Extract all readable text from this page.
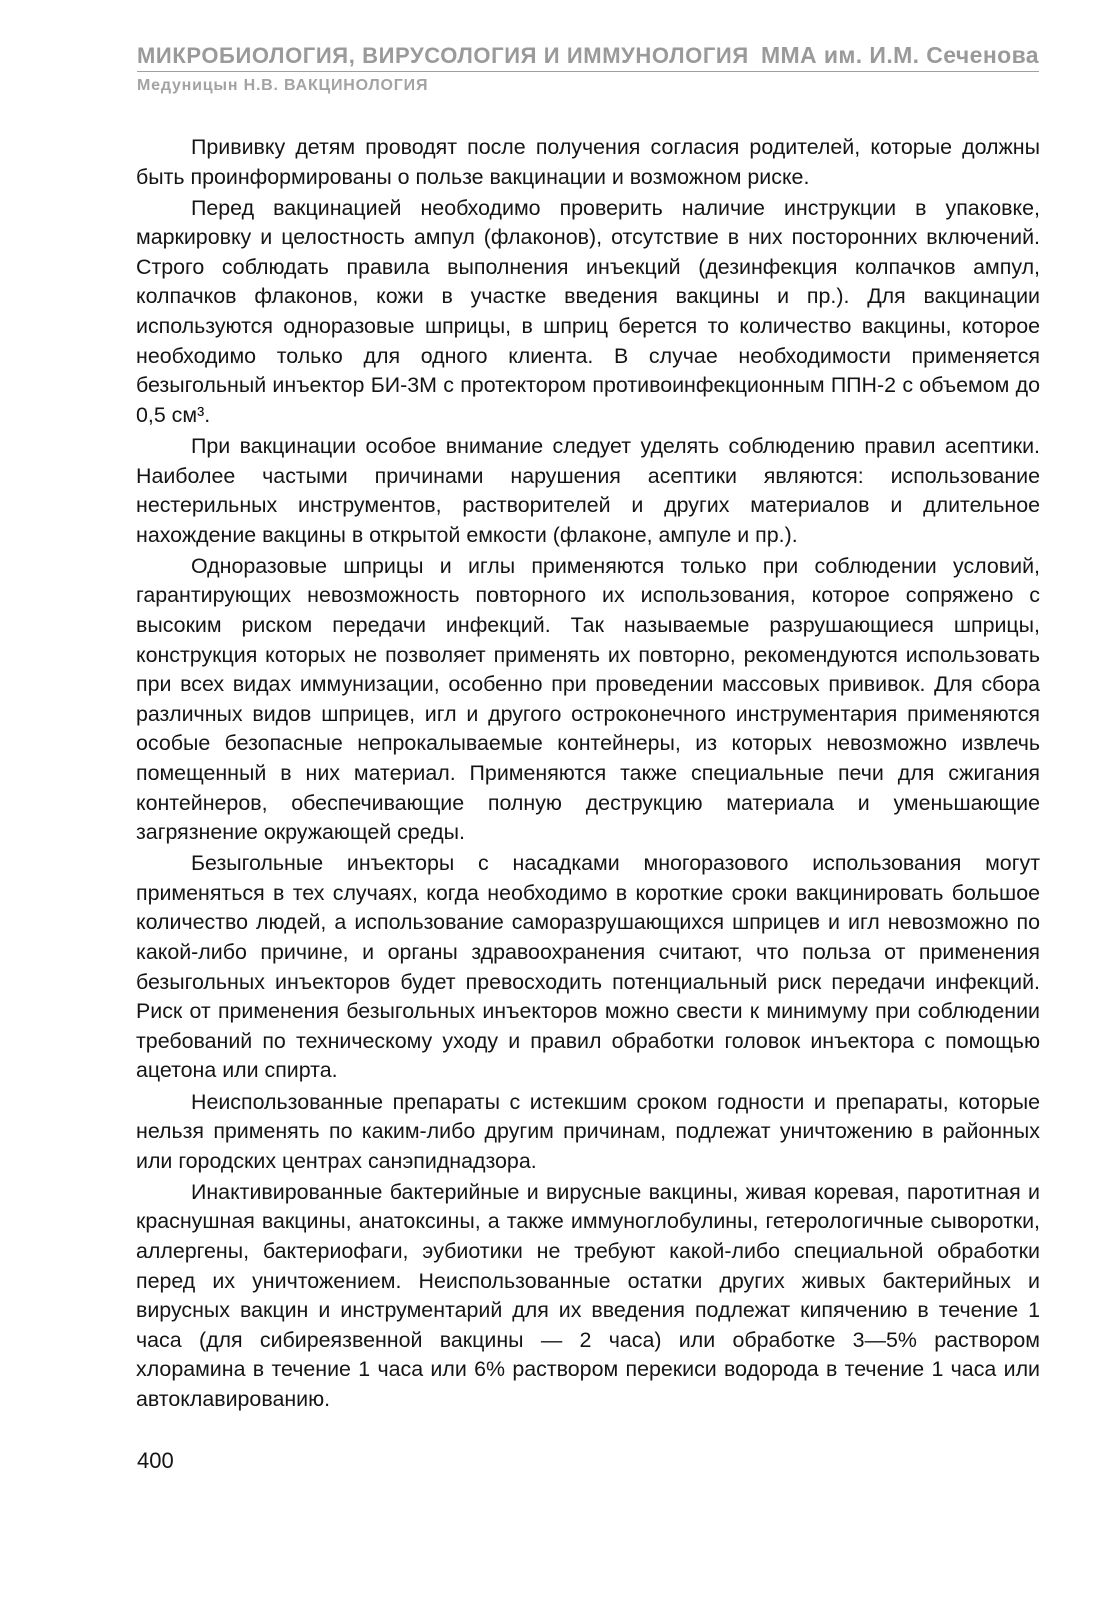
МИКРОБИОЛОГИЯ, ВИРУСОЛОГИЯ И ИММУНОЛОГИЯ ММА им. И.М. Сеченова
Медуницын Н.В. ВАКЦИНОЛОГИЯ

Прививку детям проводят после получения согласия родителей, которые должны быть проинформированы о пользе вакцинации и возможном риске.

Перед вакцинацией необходимо проверить наличие инструкции в упаковке, маркировку и целостность ампул (флаконов), отсутствие в них посторонних включений. Строго соблюдать правила выполнения инъекций (дезинфекция колпачков ампул, колпачков флаконов, кожи в участке введения вакцины и пр.). Для вакцинации используются одноразовые шприцы, в шприц берется то количество вакцины, которое необходимо только для одного клиента. В случае необходимости применяется безыгольный инъектор БИ-3М с протектором противоинфекционным ППН-2 с объемом до 0,5 см³.

При вакцинации особое внимание следует уделять соблюдению правил асептики. Наиболее частыми причинами нарушения асептики являются: использование нестерильных инструментов, растворителей и других материалов и длительное нахождение вакцины в открытой емкости (флаконе, ампуле и пр.).

Одноразовые шприцы и иглы применяются только при соблюдении условий, гарантирующих невозможность повторного их использования, которое сопряжено с высоким риском передачи инфекций. Так называемые разрушающиеся шприцы, конструкция которых не позволяет применять их повторно, рекомендуются использовать при всех видах иммунизации, особенно при проведении массовых прививок. Для сбора различных видов шприцев, игл и другого остроконечного инструментария применяются особые безопасные непрокалываемые контейнеры, из которых невозможно извлечь помещенный в них материал. Применяются также специальные печи для сжигания контейнеров, обеспечивающие полную деструкцию материала и уменьшающие загрязнение окружающей среды.

Безыгольные инъекторы с насадками многоразового использования могут применяться в тех случаях, когда необходимо в короткие сроки вакцинировать большое количество людей, а использование саморазрушающихся шприцев и игл невозможно по какой-либо причине, и органы здравоохранения считают, что польза от применения безыгольных инъекторов будет превосходить потенциальный риск передачи инфекций. Риск от применения безыгольных инъекторов можно свести к минимуму при соблюдении требований по техническому уходу и правил обработки головок инъектора с помощью ацетона или спирта.

Неиспользованные препараты с истекшим сроком годности и препараты, которые нельзя применять по каким-либо другим причинам, подлежат уничтожению в районных или городских центрах санэпиднадзора.

Инактивированные бактерийные и вирусные вакцины, живая коревая, паротитная и краснушная вакцины, анатоксины, а также иммуноглобулины, гетерологичные сыворотки, аллергены, бактериофаги, эубиотики не требуют какой-либо специальной обработки перед их уничтожением. Неиспользованные остатки других живых бактерийных и вирусных вакцин и инструментарий для их введения подлежат кипячению в течение 1 часа (для сибиреязвенной вакцины — 2 часа) или обработке 3—5% раствором хлорамина в течение 1 часа или 6% раствором перекиси водорода в течение 1 часа или автоклавированию.

400
